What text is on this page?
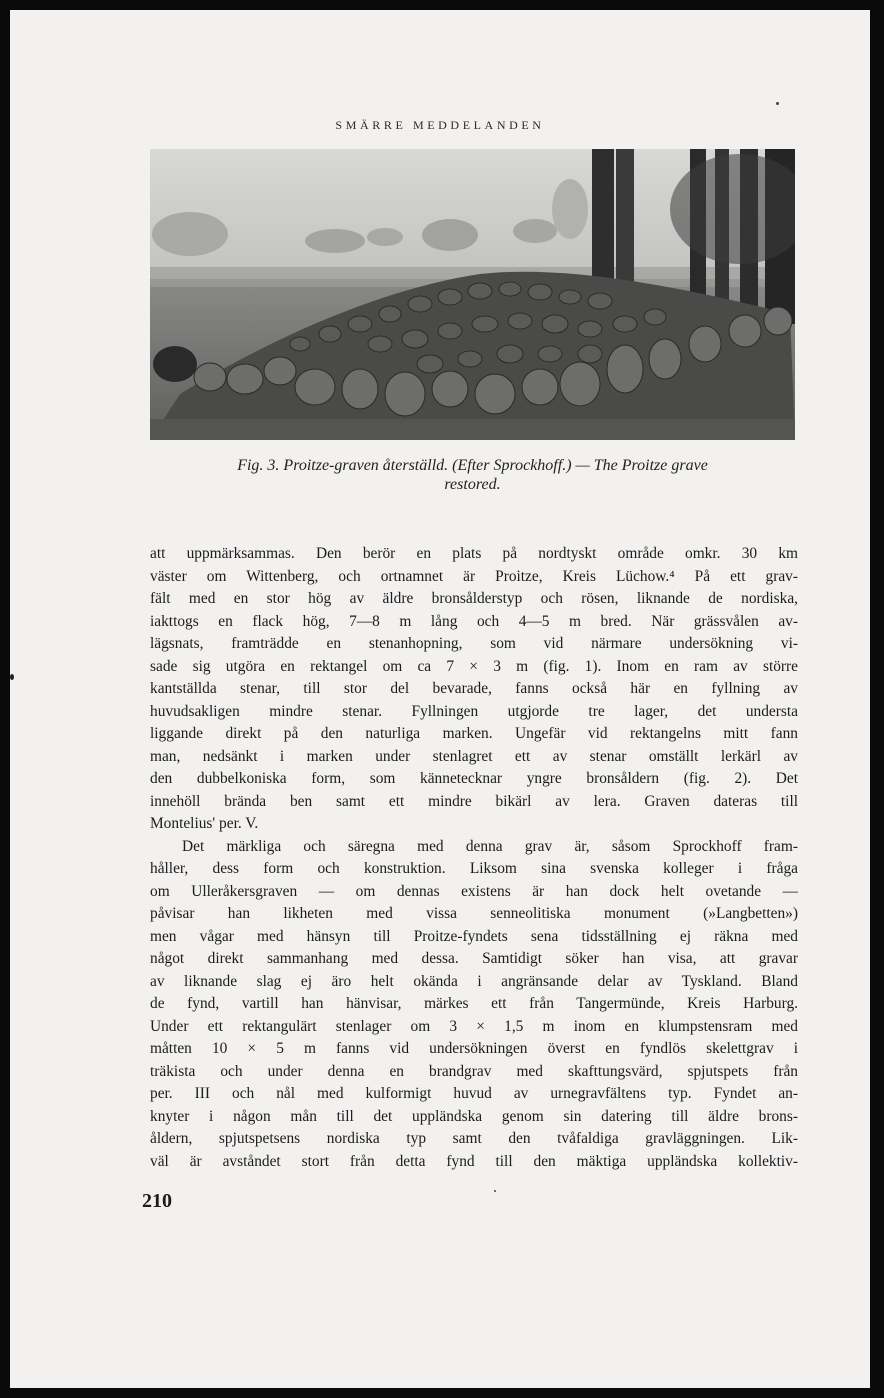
SMÄRRE MEDDELANDEN
Fig. 3. Proitze-graven återställd. (Efter Sprockhoff.) — The Proitze grave
restored.
att uppmärksammas. Den berör en plats på nordtyskt område omkr. 30 km
väster om Wittenberg, och ortnamnet är Proitze, Kreis Lüchow.⁴ På ett grav-
fält med en stor hög av äldre bronsålderstyp och rösen, liknande de nordiska,
iakttogs en flack hög, 7—8 m lång och 4—5 m bred. När grässvålen av-
lägsnats, framträdde en stenanhopning, som vid närmare undersökning vi-
sade sig utgöra en rektangel om ca 7 × 3 m (fig. 1). Inom en ram av större
kantställda stenar, till stor del bevarade, fanns också här en fyllning av
huvudsakligen mindre stenar. Fyllningen utgjorde tre lager, det understa
liggande direkt på den naturliga marken. Ungefär vid rektangelns mitt fann
man, nedsänkt i marken under stenlagret ett av stenar omställt lerkärl av
den dubbelkoniska form, som kännetecknar yngre bronsåldern (fig. 2). Det
innehöll brända ben samt ett mindre bikärl av lera. Graven dateras till
Montelius' per. V.
Det märkliga och säregna med denna grav är, såsom Sprockhoff fram-
håller, dess form och konstruktion. Liksom sina svenska kolleger i fråga
om Ulleråkersgraven — om dennas existens är han dock helt ovetande —
påvisar han likheten med vissa senneolitiska monument (»Langbetten»)
men vågar med hänsyn till Proitze-fyndets sena tidsställning ej räkna med
något direkt sammanhang med dessa. Samtidigt söker han visa, att gravar
av liknande slag ej äro helt okända i angränsande delar av Tyskland. Bland
de fynd, vartill han hänvisar, märkes ett från Tangermünde, Kreis Harburg.
Under ett rektangulärt stenlager om 3 × 1,5 m inom en klumpstensram med
måtten 10 × 5 m fanns vid undersökningen överst en fyndlös skelettgrav i
träkista och under denna en brandgrav med skafttungsvärd, spjutspets från
per. III och nål med kulformigt huvud av urnegravfältens typ. Fyndet an-
knyter i någon mån till det uppländska genom sin datering till äldre brons-
åldern, spjutspetsens nordiska typ samt den tvåfaldiga gravläggningen. Lik-
väl är avståndet stort från detta fynd till den mäktiga uppländska kollektiv-
210
